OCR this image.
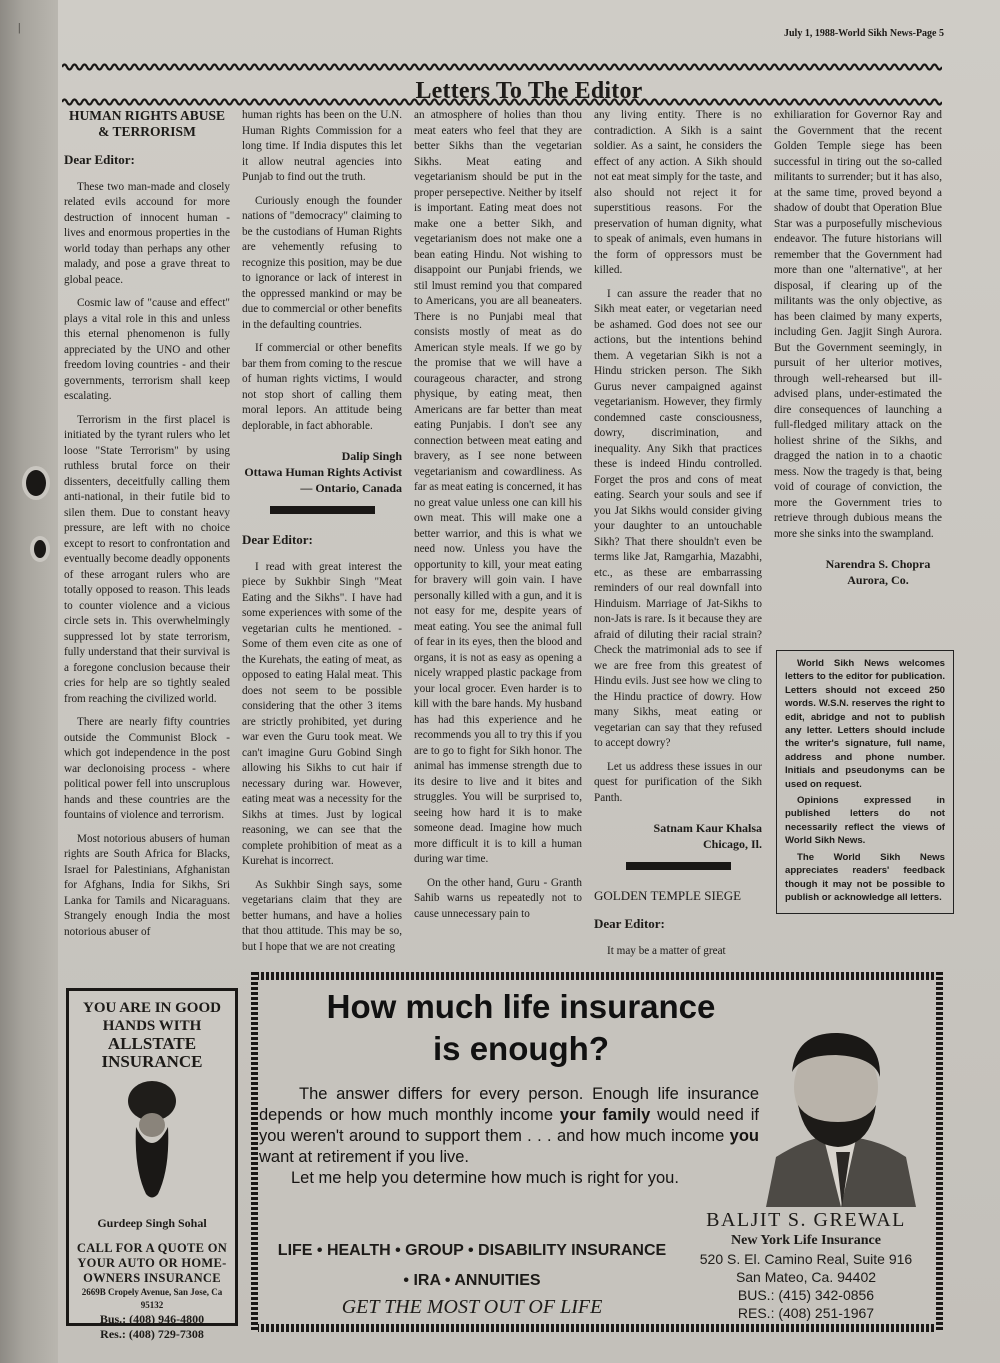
|	July 1, 1988-World Sikh News-Page 5
Letters To The Editor
HUMAN RIGHTS ABUSE & TERRORISM

Dear Editor:

These two man-made and closely related evils accound for more destruction of innocent human - lives and enormous properties in the world today than perhaps any other malady, and pose a grave threat to global peace.

Cosmic law of "cause and effect" plays a vital role in this and unless this eternal phenomenon is fully appreciated by the UNO and other freedom loving countries - and their governments, terrorism shall keep escalating.

Terrorism in the first placel is initiated by the tyrant rulers who let loose "State Terrorism" by using ruthless brutal force on their dissenters, deceitfully calling them anti-national, in their futile bid to silen them. Due to constant heavy pressure, are left with no choice except to resort to confrontation and eventually become deadly opponents of these arrogant rulers who are totally opposed to reason. This leads to counter violence and a vicious circle sets in. This overwhelmingly suppressed lot by state terrorism, fully understand that their survival is a foregone conclusion because their cries for help are so tightly sealed from reaching the civilized world.

There are nearly fifty countries outside the Communist Block - which got independence in the post war declonoising process - where political power fell into unscruplous hands and these countries are the fountains of violence and terrorism.

Most notorious abusers of human rights are South Africa for Blacks, Israel for Palestinians, Afghanistan for Afghans, India for Sikhs, Sri Lanka for Tamils and Nicaraguans. Strangely enough India the most notorious abuser of

human rights has been on the U.N. Human Rights Commission for a long time. If India disputes this let it allow neutral agencies into Punjab to find out the truth.

Curiously enough the founder nations of "democracy" claiming to be the custodians of Human Rights are vehemently refusing to recognize this position, may be due to ignorance or lack of interest in the oppressed mankind or may be due to commercial or other benefits in the defaulting countries.

If commercial or other benefits bar them from coming to the rescue of human rights victims, I would not stop short of calling them moral lepors. An attitude being deplorable, in fact abhorable.

Dalip Singh
Ottawa Human Rights Activist — Ontario, Canada

Dear Editor:

I read with great interest the piece by Sukhbir Singh "Meat Eating and the Sikhs". I have had some experiences with some of the vegetarian cults he mentioned. - Some of them even cite as one of the Kurehats, the eating of meat, as opposed to eating Halal meat. This does not seem to be possible considering that the other 3 items are strictly prohibited, yet during war even the Guru took meat. We can't imagine Guru Gobind Singh allowing his Sikhs to cut hair if necessary during war. However, eating meat was a necessity for the Sikhs at times. Just by logical reasoning, we can see that the complete prohibition of meat as a Kurehat is incorrect.

As Sukhbir Singh says, some vegetarians claim that they are better humans, and have a holies that thou attitude. This may be so, but I hope that we are not creating

an atmosphere of holies than thou meat eaters who feel that they are better Sikhs than the vegetarian Sikhs. Meat eating and vegetarianism should be put in the proper persepective. Neither by itself is important. Eating meat does not make one a better Sikh, and vegetarianism does not make one a bean eating Hindu. Not wishing to disappoint our Punjabi friends, we stil lmust remind you that compared to Americans, you are all beaneaters. There is no Punjabi meal that consists mostly of meat as do American style meals. If we go by the promise that we will have a courageous character, and strong physique, by eating meat, then Americans are far better than meat eating Punjabis. I don't see any connection between meat eating and bravery, as I see none between vegetarianism and cowardliness. As far as meat eating is concerned, it has no great value unless one can kill his own meat. This will make one a better warrior, and this is what we need now. Unless you have the opportunity to kill, your meat eating for bravery will goin vain. I have personally killed with a gun, and it is not easy for me, despite years of meat eating. You see the animal full of fear in its eyes, then the blood and organs, it is not as easy as opening a nicely wrapped plastic package from your local grocer. Even harder is to kill with the bare hands. My husband has had this experience and he recommends you all to try this if you are to go to fight for Sikh honor. The animal has immense strength due to its desire to live and it bites and struggles. You will be surprised to, seeing how hard it is to make someone dead. Imagine how much more difficult it is to kill a human during war time.

On the other hand, Guru - Granth Sahib warns us repeatedly not to cause unnecessary pain to

any living entity. There is no contradiction. A Sikh is a saint soldier. As a saint, he considers the effect of any action. A Sikh should not eat meat simply for the taste, and also should not reject it for superstitious reasons. For the preservation of human dignity, what to speak of animals, even humans in the form of oppressors must be killed.

I can assure the reader that no Sikh meat eater, or vegetarian need be ashamed. God does not see our actions, but the intentions behind them. A vegetarian Sikh is not a Hindu stricken person. The Sikh Gurus never campaigned against vegetarianism. However, they firmly condemned caste consciousness, dowry, discrimination, and inequality. Any Sikh that practices these is indeed Hindu controlled. Forget the pros and cons of meat eating. Search your souls and see if you Jat Sikhs would consider giving your daughter to an untouchable Sikh? That there shouldn't even be terms like Jat, Ramgarhia, Mazabhi, etc., as these are embarrassing reminders of our real downfall into Hinduism. Marriage of Jat-Sikhs to non-Jats is rare. Is it because they are afraid of diluting their racial strain? Check the matrimonial ads to see if we are free from this greatest of Hindu evils. Just see how we cling to the Hindu practice of dowry. How many Sikhs, meat eating or vegetarian can say that they refused to accept dowry?

Let us address these issues in our quest for purification of the Sikh Panth.

Satnam Kaur Khalsa
Chicago, Il.
GOLDEN TEMPLE SIEGE

Dear Editor:

It may be a matter of great

exhiliaration for Governor Ray and the Government that the recent Golden Temple siege has been successful in tiring out the so-called militants to surrender; but it has also, at the same time, proved beyond a shadow of doubt that Operation Blue Star was a purposefully mischevious endeavor. The future historians will remember that the Government had more than one "alternative", at her disposal, if clearing up of the militants was the only objective, as has been claimed by many experts, including Gen. Jagjit Singh Aurora. But the Government seemingly, in pursuit of her ulterior motives, through well-rehearsed but ill-advised plans, under-estimated the dire consequences of launching a full-fledged military attack on the holiest shrine of the Sikhs, and dragged the nation in to a chaotic mess. Now the tragedy is that, being void of courage of conviction, the more the Government tries to retrieve through dubious means the more she sinks into the swampland.

Narendra S. Chopra
Aurora, Co.

World Sikh News welcomes letters to the editor for publication. Letters should not exceed 250 words. W.S.N. reserves the right to edit, abridge and not to publish any letter. Letters should include the writer's signature, full name, address and phone number. Initials and pseudonyms can be used on request.

Opinions expressed in published letters do not necessarily reflect the views of World Sikh News.

The World Sikh News appreciates readers' feedback though it may not be possible to publish or acknowledge all letters.

YOU ARE IN GOOD
HANDS WITH
ALLSTATE
INSURANCE
Gurdeep Singh Sohal
CALL FOR A QUOTE ON
YOUR AUTO OR HOME-
OWNERS INSURANCE
2669B Cropely Avenue, San Jose, Ca
95132
Bus.: (408) 946-4800
Res.: (408) 729-7308
How much life insurance
is enough?
The answer differs for every person. Enough life insurance depends or how much monthly income your family would need if you weren't around to support them . . . and how much income you want at retirement if you live.
Let me help you determine how much is right for you.
LIFE • HEALTH • GROUP • DISABILITY INSURANCE
• IRA • ANNUITIES
GET THE MOST OUT OF LIFE
BALJIT S. GREWAL
New York Life Insurance
520 S. El. Camino Real, Suite 916
San Mateo, Ca. 94402
BUS.: (415) 342-0856
RES.: (408) 251-1967
